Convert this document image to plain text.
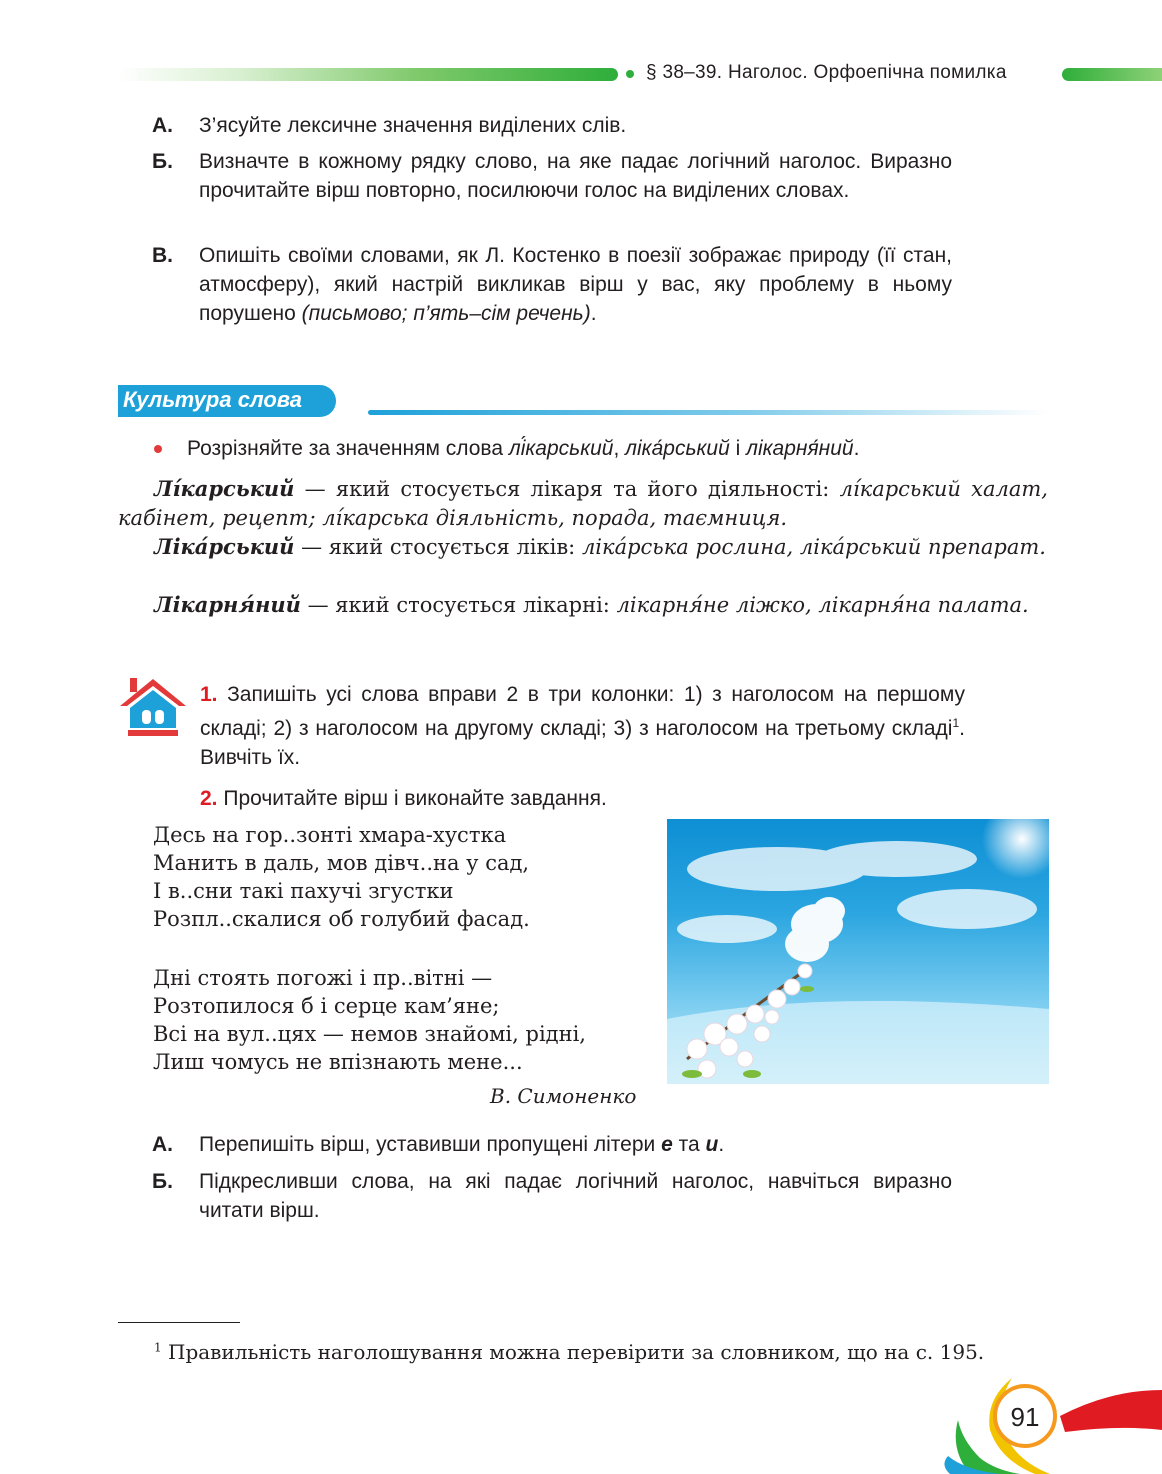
§ 38–39. Наголос. Орфоепічна помилка
А. З’ясуйте лексичне значення виділених слів.
Б. Визначте в кожному рядку слово, на яке падає логічний наголос. Виразно прочитайте вірш повторно, посилюючи голос на виділених словах.
В. Опишіть своїми словами, як Л. Костенко в поезії зображає природу (її стан, атмосферу), який настрій викликав вірш у вас, яку проблему в ньому порушено (письмово; п’ять–сім речень).
Культура слова
Розрізняйте за значенням слова лі́карський, ліка́рський і лікарня́ний.
Лі́карський — який стосується лікаря та його діяльності: лі́карський халат, кабінет, рецепт; лі́карська діяльність, порада, таємниця.
Ліка́рський — який стосується ліків: ліка́рська рослина, ліка́рський препарат.
Лікарня́ний — який стосується лікарні: лікарня́не ліжко, лікарня́на палата.
1. Запишіть усі слова вправи 2 в три колонки: 1) з наголосом на першому складі; 2) з наголосом на другому складі; 3) з наголосом на третьому складі$^1$. Вивчіть їх.
2. Прочитайте вірш і виконайте завдання.
Десь на гор..зонті хмара-хустка
Манить в даль, мов дівч..на у сад,
І в..сни такі пахучі згустки
Розпл..скалися об голубий фасад.
Дні стоять погожі і пр..вітні —
Розтопилося б і серце кам’яне;
Всі на вул..цях — немов знайомі, рідні,
Лиш чомусь не впізнають мене...
В. Симоненко
А. Перепишіть вірш, уставивши пропущені літери е та и.
Б. Підкресливши слова, на які падає логічний наголос, навчіться виразно читати вірш.
$^1$ Правильність наголошування можна перевірити за словником, що на с. 195.
91
